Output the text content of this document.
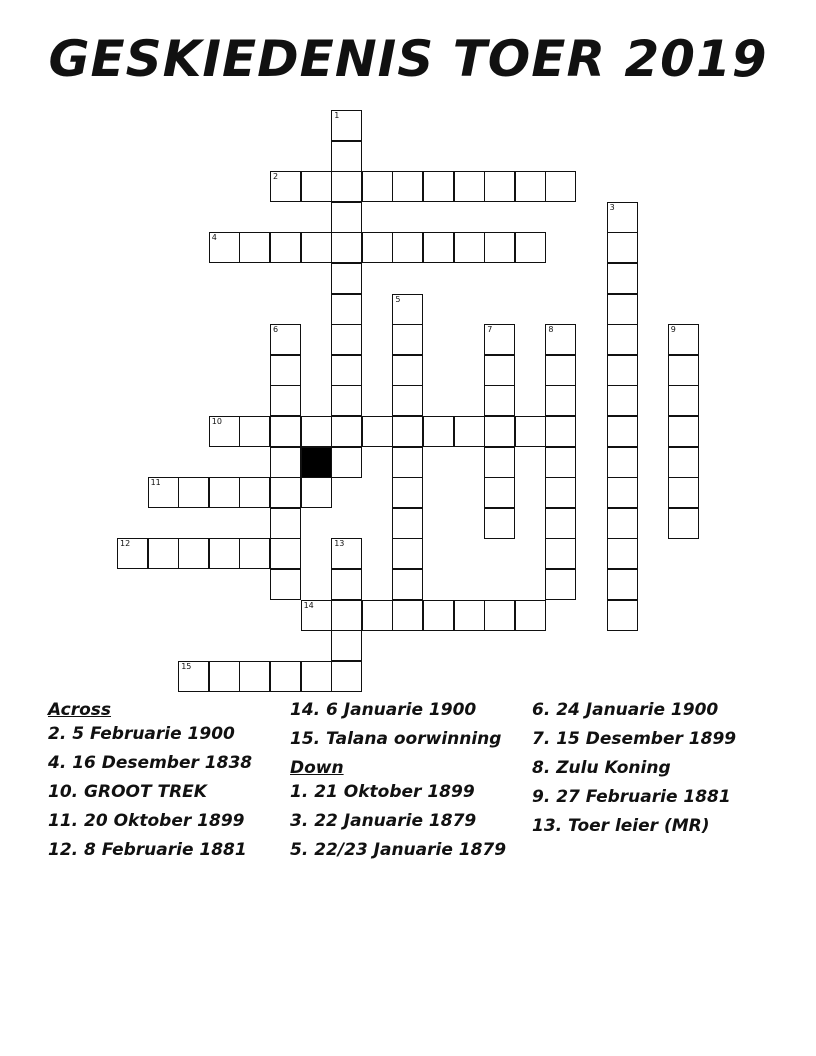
GESKIEDENIS TOER 2019
1
2
3
4
5
6	7	8	9
10
11
12	13
14
15
Across
2. 5 Februarie 1900
4. 16 Desember 1838
10. GROOT TREK
11. 20 Oktober 1899
12. 8 Februarie 1881
14. 6 Januarie 1900
15. Talana oorwinning
Down
1. 21 Oktober 1899
3. 22 Januarie 1879
5. 22/23 Januarie 1879
6. 24 Januarie 1900
7. 15 Desember 1899
8. Zulu Koning
9. 27 Februarie 1881
13. Toer leier (MR)
